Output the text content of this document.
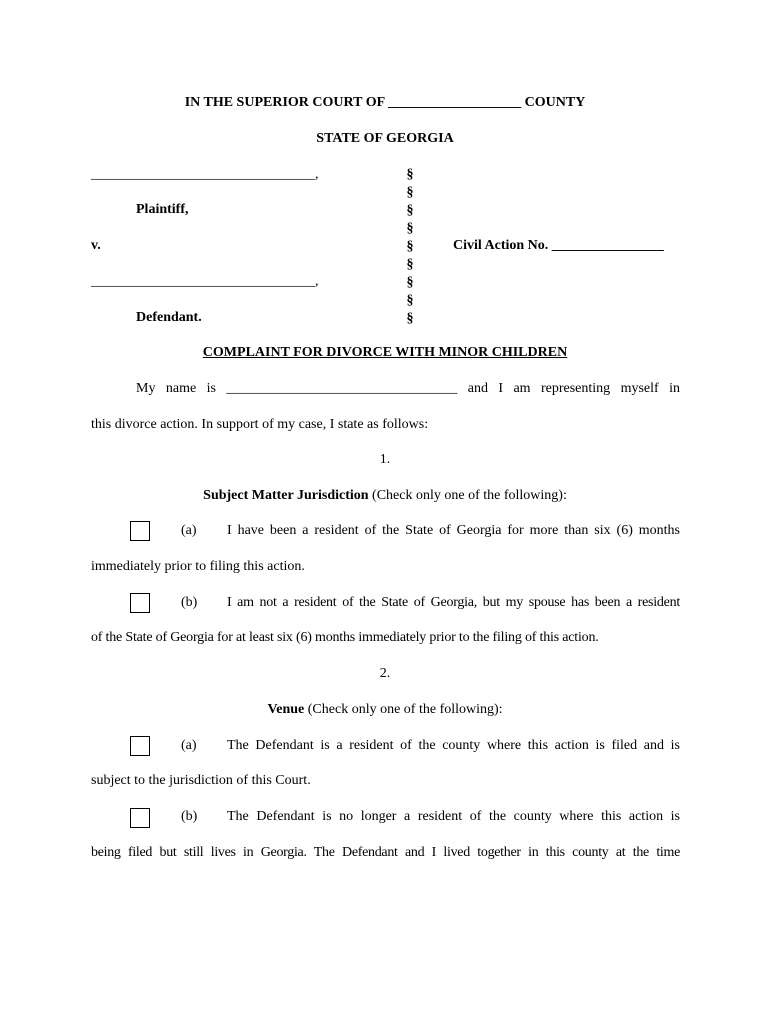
IN THE SUPERIOR COURT OF ___________________ COUNTY
STATE OF GEORGIA
________________________________,
Plaintiff,
v.
________________________________,
Defendant.
§
§
§
§
§
§
§
§
§
Civil Action No. ________________
COMPLAINT FOR DIVORCE WITH MINOR CHILDREN
My name is _________________________________ and I am representing myself in
this divorce action. In support of my case, I state as follows:
1.
Subject Matter Jurisdiction (Check only one of the following):
(a) I have been a resident of the State of Georgia for more than six (6) months
immediately prior to filing this action.
(b) I am not a resident of the State of Georgia, but my spouse has been a resident
of the State of Georgia for at least six (6) months immediately prior to the filing of this action.
2.
Venue (Check only one of the following):
(a) The Defendant is a resident of the county where this action is filed and is
subject to the jurisdiction of this Court.
(b) The Defendant is no longer a resident of the county where this action is
being filed but still lives in Georgia. The Defendant and I lived together in this county at the time
